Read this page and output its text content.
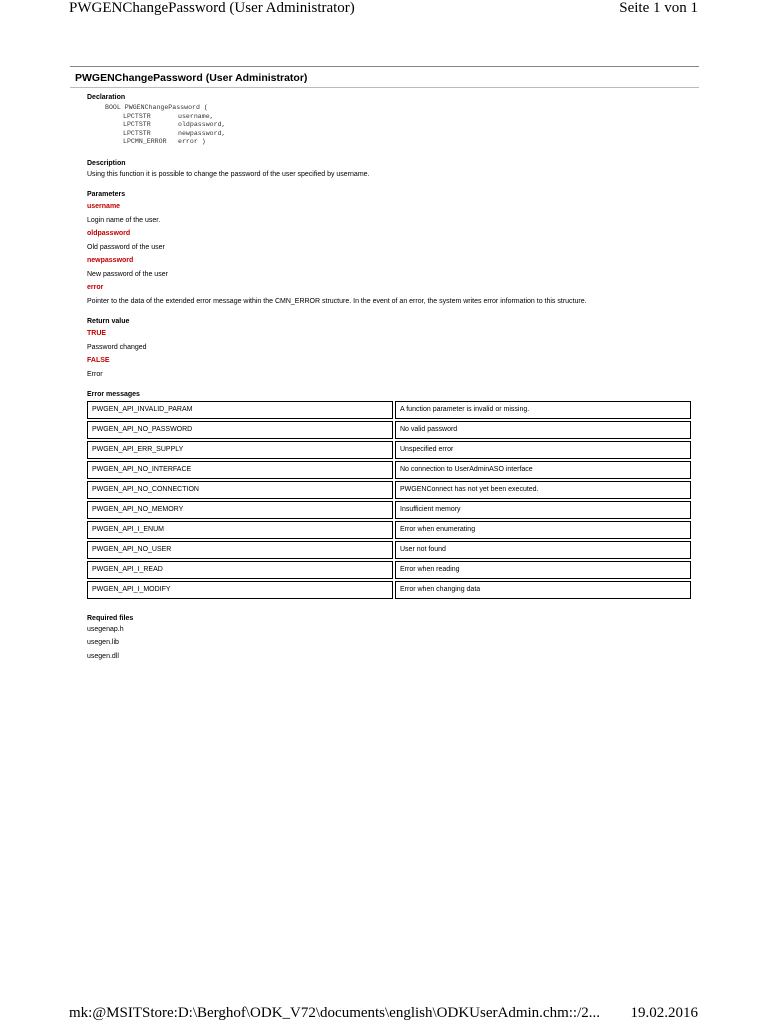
PWGENChangePassword (User Administrator)	Seite 1 von 1
PWGENChangePassword (User Administrator)
Declaration
BOOL PWGENChangePassword (
LPCTSTR	username,
LPCTSTR	oldpassword,
LPCTSTR	newpassword,
LPCMN_ERROR	error )
Description
Using this function it is possible to change the password of the user specified by username.
Parameters
username
Login name of the user.
oldpassword
Old password of the user
newpassword
New password of the user
error
Pointer to the data of the extended error message within the CMN_ERROR structure. In the event of an error, the system writes error information to this structure.
Return value
TRUE
Password changed
FALSE
Error
Error messages
PWGEN_API_INVALID_PARAM	A function parameter is invalid or missing.
PWGEN_API_NO_PASSWORD	No valid password
PWGEN_API_ERR_SUPPLY	Unspecified error
PWGEN_API_NO_INTERFACE	No connection to UserAdminASO interface
PWGEN_API_NO_CONNECTION	PWGENConnect has not yet been executed.
PWGEN_API_NO_MEMORY	Insufficient memory
PWGEN_API_I_ENUM	Error when enumerating
PWGEN_API_NO_USER	User not found
PWGEN_API_I_READ	Error when reading
PWGEN_API_I_MODIFY	Error when changing data
Required files
usegenap.h
usegen.lib
usegen.dll
mk:@MSITStore:D:\Berghof\ODK_V72\documents\english\ODKUserAdmin.chm::/2... 19.02.2016
